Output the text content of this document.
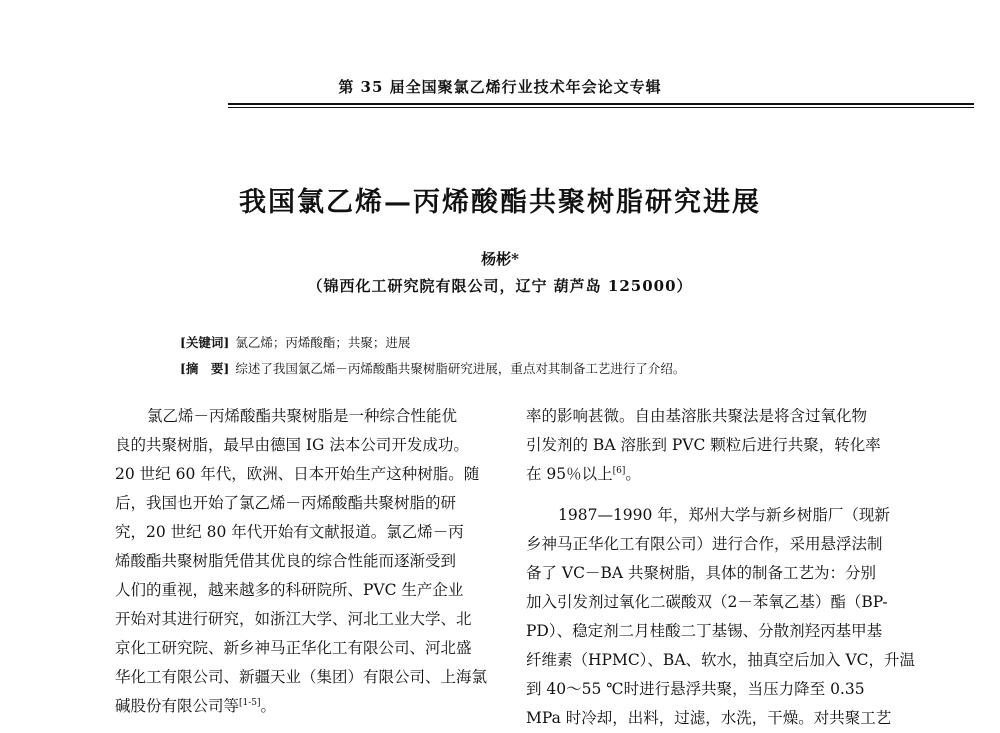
第 35 届全国聚氯乙烯行业技术年会论文专辑
我国氯乙烯—丙烯酸酯共聚树脂研究进展
杨彬*
（锦西化工研究院有限公司，辽宁 葫芦岛 125000）
[关键词] 氯乙烯；丙烯酸酯；共聚；进展
[摘　要] 综述了我国氯乙烯－丙烯酸酯共聚树脂研究进展，重点对其制备工艺进行了介绍。
氯乙烯－丙烯酸酯共聚树脂是一种综合性能优
良的共聚树脂，最早由德国 IG 法本公司开发成功。
20 世纪 60 年代，欧洲、日本开始生产这种树脂。随
后，我国也开始了氯乙烯－丙烯酸酯共聚树脂的研
究，20 世纪 80 年代开始有文献报道。氯乙烯－丙
烯酸酯共聚树脂凭借其优良的综合性能而逐渐受到
人们的重视，越来越多的科研院所、PVC 生产企业
开始对其进行研究，如浙江大学、河北工业大学、北
京化工研究院、新乡神马正华化工有限公司、河北盛
华化工有限公司、新疆天业（集团）有限公司、上海氯
碱股份有限公司等[1-5]。
率的影响甚微。自由基溶胀共聚法是将含过氧化物
引发剂的 BA 溶胀到 PVC 颗粒后进行共聚，转化率
在 95％以上[6]。
1987—1990 年，郑州大学与新乡树脂厂（现新
乡神马正华化工有限公司）进行合作，采用悬浮法制
备了 VC－BA 共聚树脂，具体的制备工艺为：分别
加入引发剂过氧化二碳酸双（2－苯氧乙基）酯（BP-
PD）、稳定剂二月桂酸二丁基锡、分散剂羟丙基甲基
纤维素（HPMC）、BA、软水，抽真空后加入 VC，升温
到 40～55 ℃时进行悬浮共聚，当压力降至 0.35
MPa 时冷却，出料，过滤，水洗，干燥。对共聚工艺
